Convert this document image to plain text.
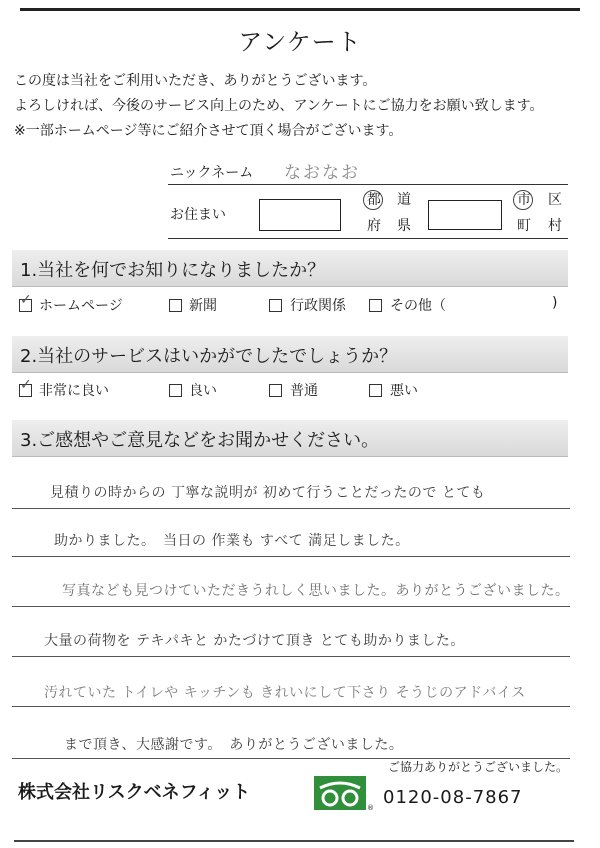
アンケート
この度は当社をご利用いただき、ありがとうございます。
よろしければ、今後のサービス向上のため、アンケートにご協力をお願い致します。
※一部ホームページ等にご紹介させて頂く場合がございます。
ニックネーム なおなお
お住まい
都 道
府 県
市 区
町 村
1.当社を何でお知りになりましたか？
✓ ホームページ	新聞	行政関係	その他（	)
2.当社のサービスはいかがでしたでしょうか？
✓ 非常に良い	良い	普通	悪い
3.ご感想やご意見などをお聞かせください。
見積りの時からの 丁寧な説明が 初めて行うことだったので とても
助かりました。　当日の 作業も すべて 満足しました。
写真なども見つけていただきうれしく思いました。ありがとうございました。
大量の荷物を テキパキと かたづけて頂き とても助かりました。
汚れていた トイレや キッチンも きれいにして下さり そうじのアドバイス
まで頂き、大感謝です。　ありがとうございました。
ご協力ありがとうございました。
株式会社リスクベネフィット
® 0120-08-7867
